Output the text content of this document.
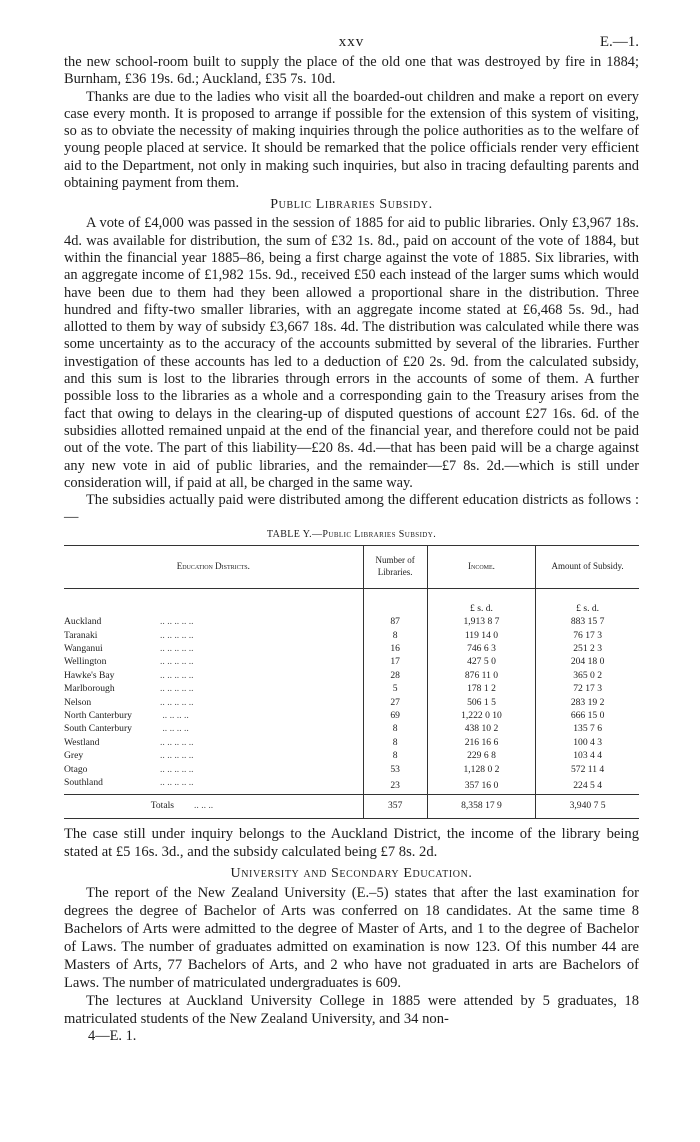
xxv	E.—1.

the new school-room built to supply the place of the old one that was destroyed by fire in 1884; Burnham, £36 19s. 6d.; Auckland, £35 7s. 10d.

Thanks are due to the ladies who visit all the boarded-out children and make a report on every case every month. It is proposed to arrange if possible for the extension of this system of visiting, so as to obviate the necessity of making inquiries through the police authorities as to the welfare of young people placed at service. It should be remarked that the police officials render very efficient aid to the Department, not only in making such inquiries, but also in tracing defaulting parents and obtaining payment from them.

Public Libraries Subsidy.

A vote of £4,000 was passed in the session of 1885 for aid to public libraries. Only £3,967 18s. 4d. was available for distribution, the sum of £32 1s. 8d., paid on account of the vote of 1884, but within the financial year 1885–86, being a first charge against the vote of 1885. Six libraries, with an aggregate income of £1,982 15s. 9d., received £50 each instead of the larger sums which would have been due to them had they been allowed a proportional share in the distribution. Three hundred and fifty-two smaller libraries, with an aggregate income stated at £6,468 5s. 9d., had allotted to them by way of subsidy £3,667 18s. 4d. The distribution was calculated while there was some uncertainty as to the accuracy of the accounts submitted by several of the libraries. Further investigation of these accounts has led to a deduction of £20 2s. 9d. from the calculated subsidy, and this sum is lost to the libraries through errors in the accounts of some of them. A further possible loss to the libraries as a whole and a corresponding gain to the Treasury arises from the fact that owing to delays in the clearing-up of disputed questions of account £27 16s. 6d. of the subsidies allotted remained unpaid at the end of the financial year, and therefore could not be paid out of the vote. The part of this liability—£20 8s. 4d.—that has been paid will be a charge against any new vote in aid of public libraries, and the remainder—£7 8s. 2d.—which is still under consideration will, if paid at all, be charged in the same way.

The subsidies actually paid were distributed among the different education districts as follows :—

TABLE Y.—Public Libraries Subsidy.
Education Districts.	Number of Libraries.	Income.	Amount of Subsidy.
		£ s. d.	£ s. d.
Auckland .. .. .. .. ..	87	1,913 8 7	883 15 7
Taranaki .. .. .. .. ..	8	119 14 0	76 17 3
Wanganui .. .. .. .. ..	16	746 6 3	251 2 3
Wellington .. .. .. .. ..	17	427 5 0	204 18 0
Hawke's Bay .. .. .. .. ..	28	876 11 0	365 0 2
Marlborough .. .. .. .. ..	5	178 1 2	72 17 3
Nelson .. .. .. .. ..	27	506 1 5	283 19 2
North Canterbury .. .. .. ..	69	1,222 0 10	666 15 0
South Canterbury .. .. .. ..	8	438 10 2	135 7 6
Westland .. .. .. .. ..	8	216 16 6	100 4 3
Grey .. .. .. .. ..	8	229 6 8	103 4 4
Otago .. .. .. .. ..	53	1,128 0 2	572 11 4
Southland .. .. .. .. ..	23	357 16 0	224 5 4
Totals .. .. ..	357	8,358 17 9	3,940 7 5

The case still under inquiry belongs to the Auckland District, the income of the library being stated at £5 16s. 3d., and the subsidy calculated being £7 8s. 2d.

University and Secondary Education.

The report of the New Zealand University (E.–5) states that after the last examination for degrees the degree of Bachelor of Arts was conferred on 18 candidates. At the same time 8 Bachelors of Arts were admitted to the degree of Master of Arts, and 1 to the degree of Bachelor of Laws. The number of graduates admitted on examination is now 123. Of this number 44 are Masters of Arts, 77 Bachelors of Arts, and 2 who have not graduated in arts are Bachelors of Laws. The number of matriculated undergraduates is 609.

The lectures at Auckland University College in 1885 were attended by 5 graduates, 18 matriculated students of the New Zealand University, and 34 non-

4—E. 1.
